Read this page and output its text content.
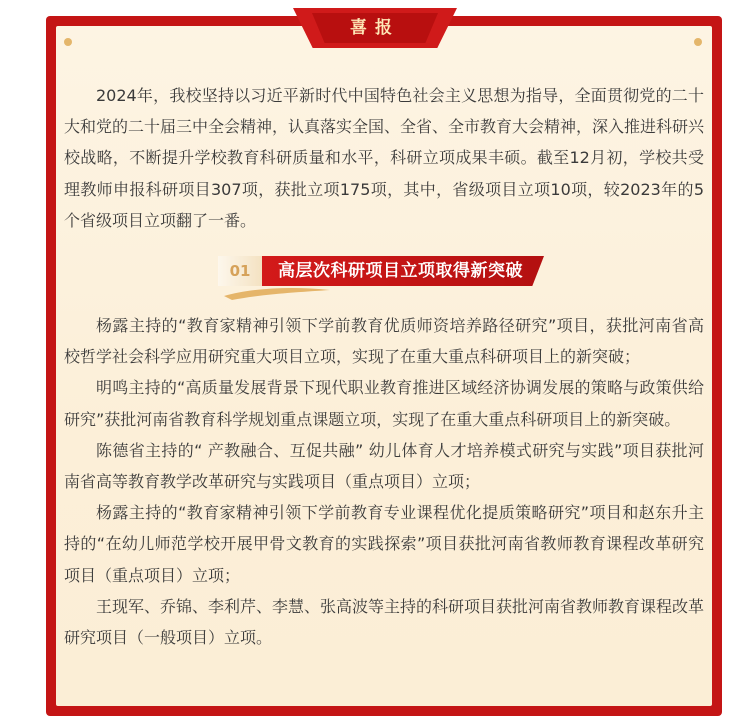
喜报

2024年，我校坚持以习近平新时代中国特色社会主义思想为指导，全面贯彻党的二十大和党的二十届三中全会精神，认真落实全国、全省、全市教育大会精神，深入推进科研兴校战略，不断提升学校教育科研质量和水平，科研立项成果丰硕。截至12月初，学校共受理教师申报科研项目307项，获批立项175项，其中，省级项目立项10项，较2023年的5个省级项目立项翻了一番。

01	高层次科研项目立项取得新突破

杨露主持的“教育家精神引领下学前教育优质师资培养路径研究”项目，获批河南省高校哲学社会科学应用研究重大项目立项，实现了在重大重点科研项目上的新突破；

明鸣主持的“高质量发展背景下现代职业教育推进区域经济协调发展的策略与政策供给研究”获批河南省教育科学规划重点课题立项，实现了在重大重点科研项目上的新突破。

陈德省主持的“ 产教融合、互促共融” 幼儿体育人才培养模式研究与实践”项目获批河南省高等教育教学改革研究与实践项目（重点项目）立项；

杨露主持的“教育家精神引领下学前教育专业课程优化提质策略研究”项目和赵东升主持的“在幼儿师范学校开展甲骨文教育的实践探索”项目获批河南省教师教育课程改革研究项目（重点项目）立项；

王现军、乔锦、李利芹、李慧、张高波等主持的科研项目获批河南省教师教育课程改革研究项目（一般项目）立项。
